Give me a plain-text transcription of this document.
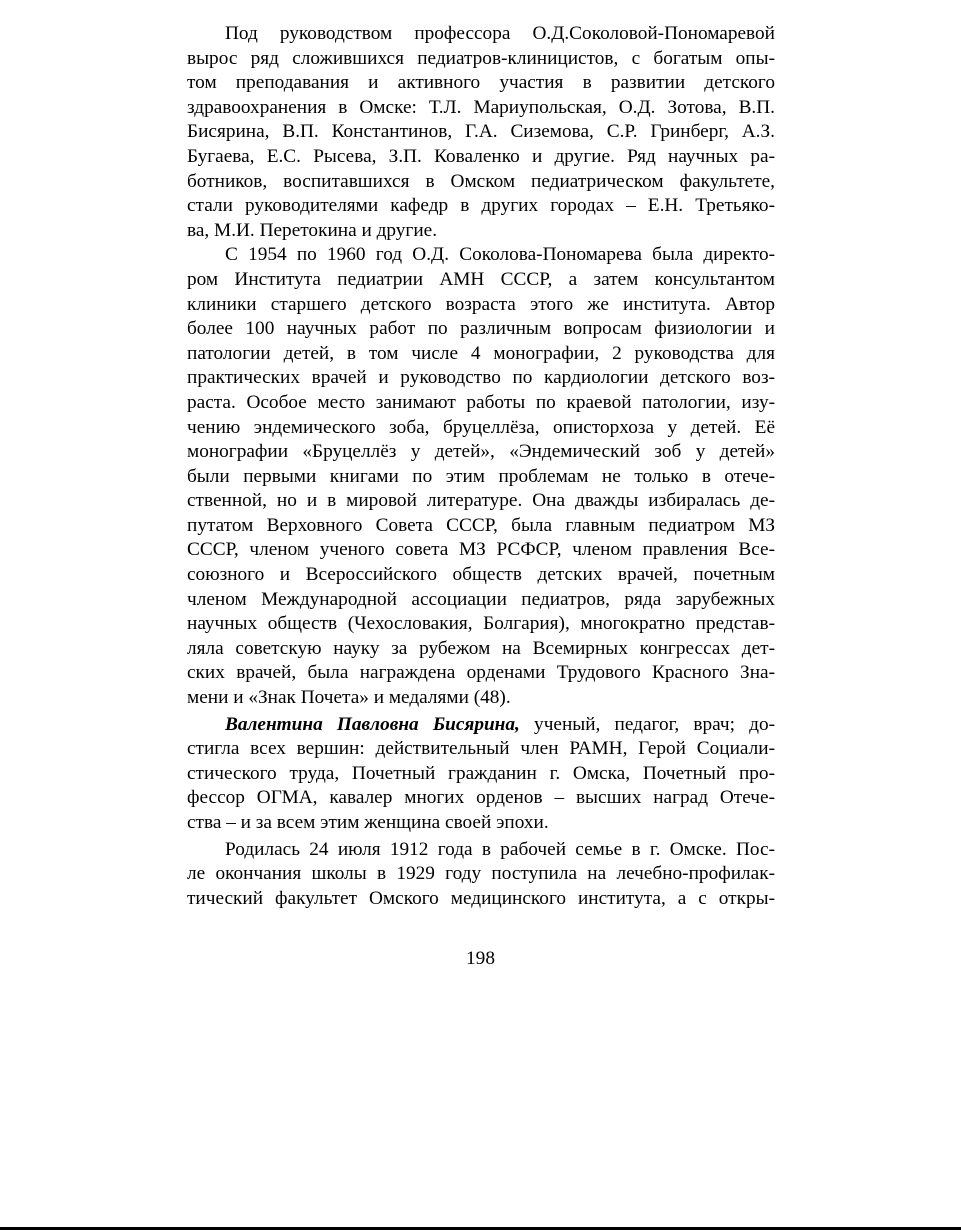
Под руководством профессора О.Д.Соколовой-Пономаревой
вырос ряд сложившихся педиатров-клиницистов, с богатым опы-
том преподавания и активного участия в развитии детского
здравоохранения в Омске: Т.Л. Мариупольская, О.Д. Зотова, В.П.
Бисярина, В.П. Константинов, Г.А. Сиземова, С.Р. Гринберг, А.З.
Бугаева, Е.С. Рысева, З.П. Коваленко и другие. Ряд научных ра-
ботников, воспитавшихся в Омском педиатрическом факультете,
стали руководителями кафедр в других городах – Е.Н. Третьяко-
ва, М.И. Перетокина и другие.
С 1954 по 1960 год О.Д. Соколова-Пономарева была директо-
ром Института педиатрии АМН СССР, а затем консультантом
клиники старшего детского возраста этого же института. Автор
более 100 научных работ по различным вопросам физиологии и
патологии детей, в том числе 4 монографии, 2 руководства для
практических врачей и руководство по кардиологии детского воз-
раста. Особое место занимают работы по краевой патологии, изу-
чению эндемического зоба, бруцеллёза, описторхоза у детей. Её
монографии «Бруцеллёз у детей», «Эндемический зоб у детей»
были первыми книгами по этим проблемам не только в отече-
ственной, но и в мировой литературе. Она дважды избиралась де-
путатом Верховного Совета СССР, была главным педиатром МЗ
СССР, членом ученого совета МЗ РСФСР, членом правления Все-
союзного и Всероссийского обществ детских врачей, почетным
членом Международной ассоциации педиатров, ряда зарубежных
научных обществ (Чехословакия, Болгария), многократно представ-
ляла советскую науку за рубежом на Всемирных конгрессах дет-
ских врачей, была награждена орденами Трудового Красного Зна-
мени и «Знак Почета» и медалями (48).
Валентина Павловна Бисярина, ученый, педагог, врач; до-
стигла всех вершин: действительный член РАМН, Герой Социали-
стического труда, Почетный гражданин г. Омска, Почетный про-
фессор ОГМА, кавалер многих орденов – высших наград Отече-
ства – и за всем этим женщина своей эпохи.
Родилась 24 июля 1912 года в рабочей семье в г. Омске. Пос-
ле окончания школы в 1929 году поступила на лечебно-профилак-
тический факультет Омского медицинского института, а с откры-
198
